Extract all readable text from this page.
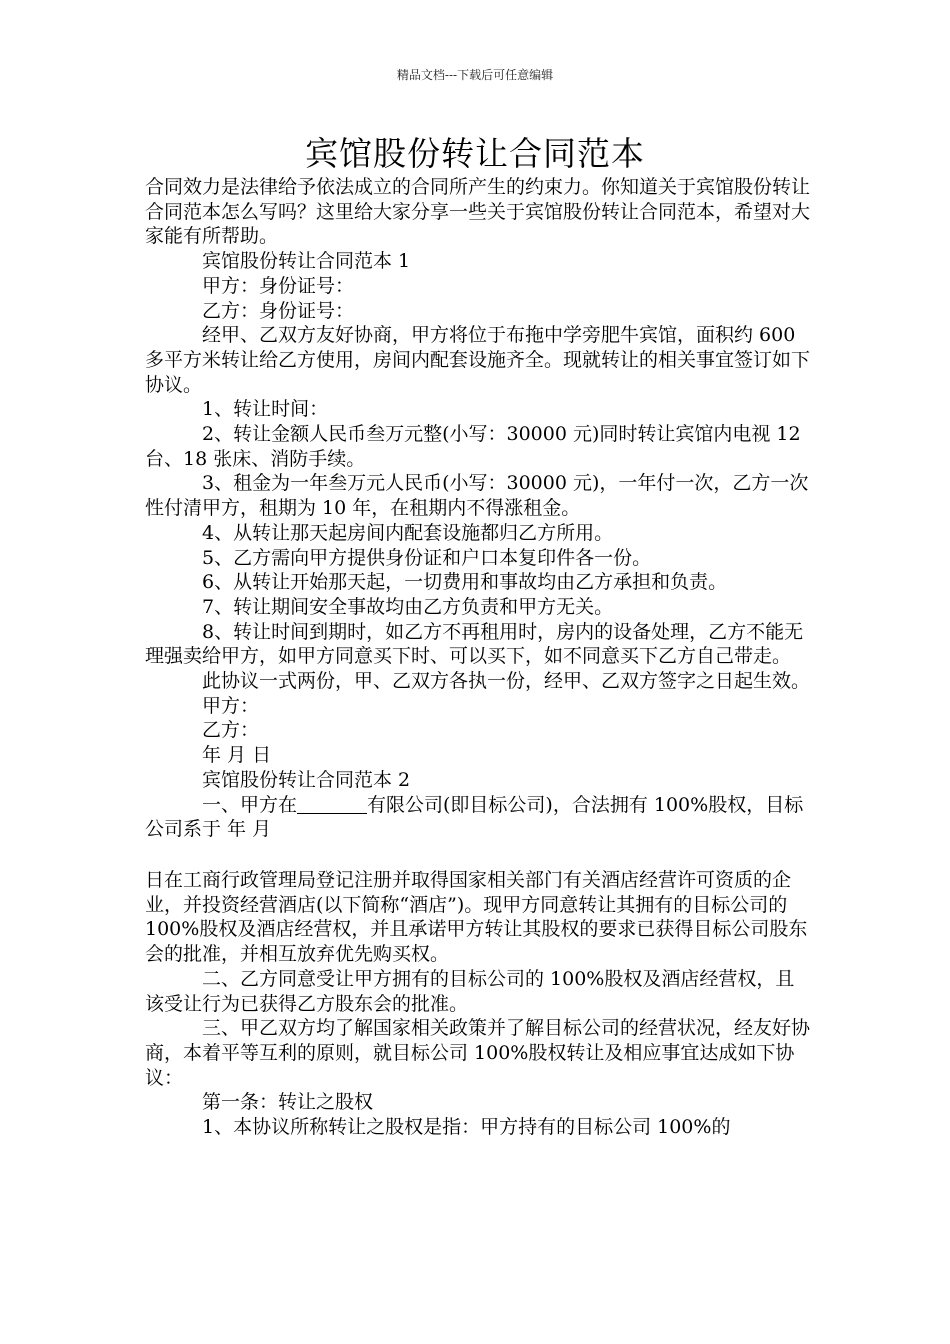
精品文档---下载后可任意编辑
宾馆股份转让合同范本

合同效力是法律给予依法成立的合同所产生的约束力。你知道关于宾馆股份转让合同范本怎么写吗？这里给大家分享一些关于宾馆股份转让合同范本，希望对大家能有所帮助。

宾馆股份转让合同范本 1

甲方：身份证号：

乙方：身份证号：

经甲、乙双方友好协商，甲方将位于布拖中学旁肥牛宾馆，面积约 600 多平方米转让给乙方使用，房间内配套设施齐全。现就转让的相关事宜签订如下协议。

1、转让时间：

2、转让金额人民币叁万元整(小写：30000 元)同时转让宾馆内电视 12 台、18 张床、消防手续。

3、租金为一年叁万元人民币(小写：30000 元)，一年付一次，乙方一次性付清甲方，租期为 10 年，在租期内不得涨租金。

4、从转让那天起房间内配套设施都归乙方所用。

5、乙方需向甲方提供身份证和户口本复印件各一份。

6、从转让开始那天起，一切费用和事故均由乙方承担和负责。

7、转让期间安全事故均由乙方负责和甲方无关。

8、转让时间到期时，如乙方不再租用时，房内的设备处理，乙方不能无理强卖给甲方，如甲方同意买下时、可以买下，如不同意买下乙方自己带走。

此协议一式两份，甲、乙双方各执一份，经甲、乙双方签字之日起生效。

甲方：

乙方：

年 月 日

宾馆股份转让合同范本 2

一、甲方在	有限公司(即目标公司)，合法拥有 100%股权，目标公司系于 年 月

日在工商行政管理局登记注册并取得国家相关部门有关酒店经营许可资质的企业，并投资经营酒店(以下简称“酒店”)。现甲方同意转让其拥有的目标公司的 100%股权及酒店经营权，并且承诺甲方转让其股权的要求已获得目标公司股东会的批准，并相互放弃优先购买权。

二、乙方同意受让甲方拥有的目标公司的 100%股权及酒店经营权，且该受让行为已获得乙方股东会的批准。

三、甲乙双方均了解国家相关政策并了解目标公司的经营状况，经友好协商，本着平等互利的原则，就目标公司 100%股权转让及相应事宜达成如下协议：

第一条：转让之股权

1、本协议所称转让之股权是指：甲方持有的目标公司 100%的
